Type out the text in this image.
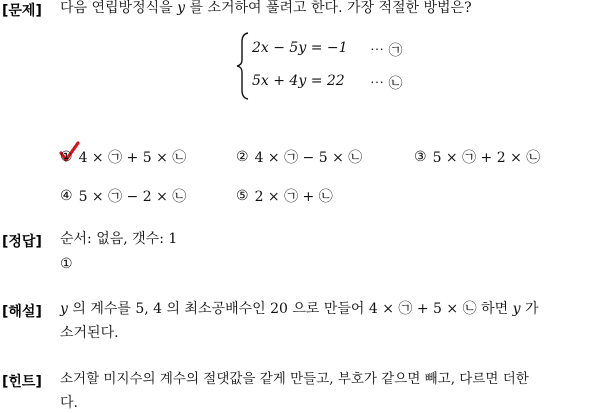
[문제] 다음 연립방정식을 y 를 소거하여 풀려고 한다. 가장 적절한 방법은?
2x − 5y = −1 ⋯ ㉠
5x + 4y = 22 ⋯ ㉡
① 4 × ㉠ + 5 × ㉡	② 4 × ㉠ − 5 × ㉡	③ 5 × ㉠ + 2 × ㉡
④ 5 × ㉠ − 2 × ㉡	⑤ 2 × ㉠ + ㉡
[정답] 순서: 없음, 갯수: 1
①
[해설] y 의 계수를 5, 4 의 최소공배수인 20 으로 만들어 4 × ㉠ + 5 × ㉡ 하면 y 가
소거된다.
[힌트] 소거할 미지수의 계수의 절댓값을 같게 만들고, 부호가 같으면 빼고, 다르면 더한
다.
